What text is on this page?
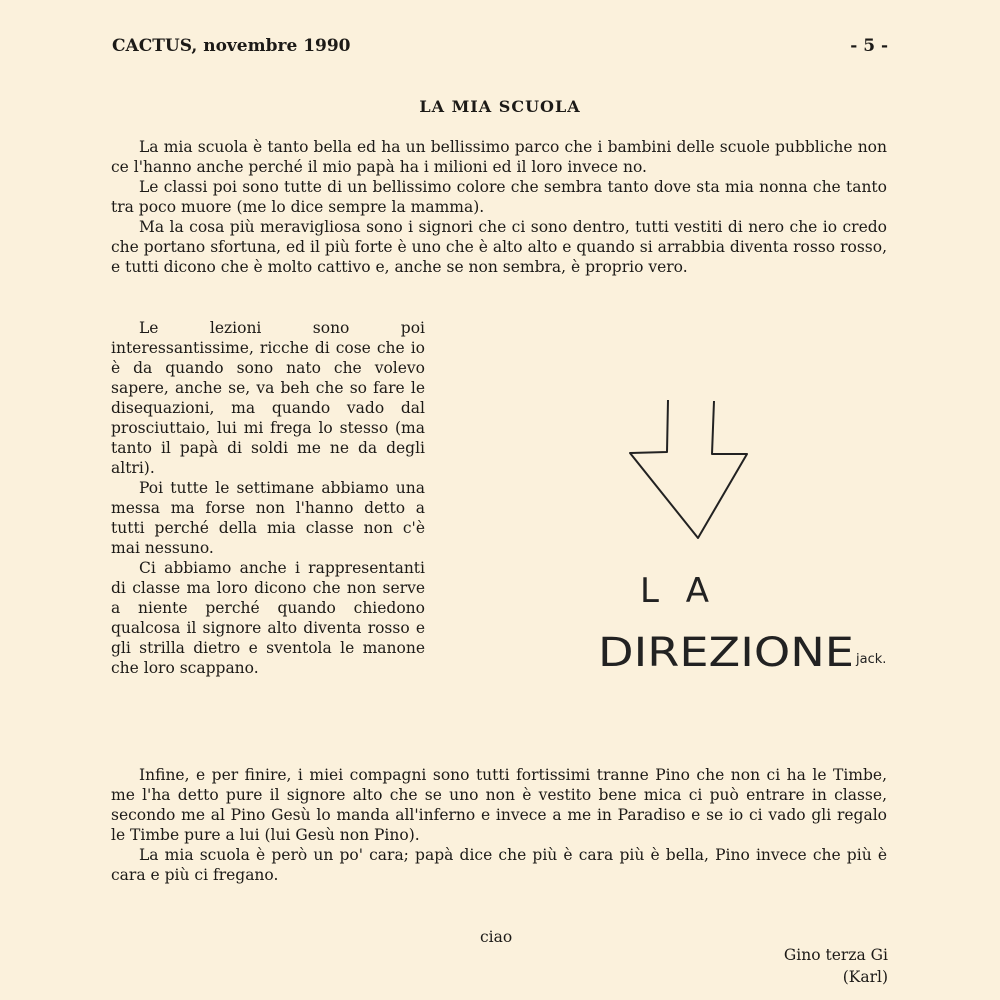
CACTUS, novembre 1990	- 5 -
LA MIA SCUOLA

La mia scuola è tanto bella ed ha un bellissimo parco che i bambini delle scuole pubbliche non ce l'hanno anche perché il mio papà ha i milioni ed il loro invece no.

Le classi poi sono tutte di un bellissimo colore che sembra tanto dove sta mia nonna che tanto tra poco muore (me lo dice sempre la mamma).

Ma la cosa più meravigliosa sono i signori che ci sono dentro, tutti vestiti di nero che io credo che portano sfortuna, ed il più forte è uno che è alto alto e quando si arrabbia diventa rosso rosso, e tutti dicono che è molto cattivo e, anche se non sembra, è proprio vero.

Le lezioni sono poi interessantissime, ricche di cose che io è da quando sono nato che volevo sapere, anche se, va beh che so fare le disequazioni, ma quando vado dal prosciuttaio, lui mi frega lo stesso (ma tanto il papà di soldi me ne da degli altri).

Poi tutte le settimane abbiamo una messa ma forse non l'hanno detto a tutti perché della mia classe non c'è mai nessuno.

Ci abbiamo anche i rappresentanti di classe ma loro dicono che non serve a niente perché quando chiedono qualcosa il signore alto diventa rosso e gli strilla dietro e sventola le manone che loro scappano.

L A
DIREZIONE jack.

Infine, e per finire, i miei compagni sono tutti fortissimi tranne Pino che non ci ha le Timbe, me l'ha detto pure il signore alto che se uno non è vestito bene mica ci può entrare in classe, secondo me al Pino Gesù lo manda all'inferno e invece a me in Paradiso e se io ci vado gli regalo le Timbe pure a lui (lui Gesù non Pino).

La mia scuola è però un po' cara; papà dice che più è cara più è bella, Pino invece che più è cara e più ci fregano.

ciao
Gino terza Gi
(Karl)
